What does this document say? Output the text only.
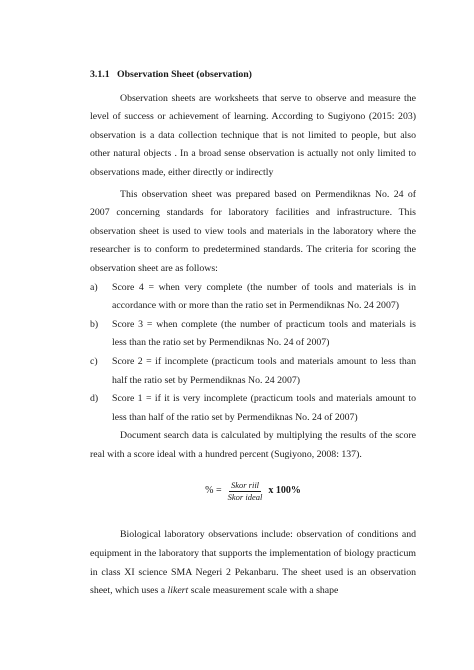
3.1.1 Observation Sheet (observation)

Observation sheets are worksheets that serve to observe and measure the level of success or achievement of learning. According to Sugiyono (2015: 203) observation is a data collection technique that is not limited to people, but also other natural objects . In a broad sense observation is actually not only limited to observations made, either directly or indirectly

This observation sheet was prepared based on Permendiknas No. 24 of 2007 concerning standards for laboratory facilities and infrastructure. This observation sheet is used to view tools and materials in the laboratory where the researcher is to conform to predetermined standards. The criteria for scoring the observation sheet are as follows:

a) Score 4 = when very complete (the number of tools and materials is in accordance with or more than the ratio set in Permendiknas No. 24 2007)
b) Score 3 = when complete (the number of practicum tools and materials is less than the ratio set by Permendiknas No. 24 of 2007)
c) Score 2 = if incomplete (practicum tools and materials amount to less than half the ratio set by Permendiknas No. 24 2007)
d) Score 1 = if it is very incomplete (practicum tools and materials amount to less than half of the ratio set by Permendiknas No. 24 of 2007)

Document search data is calculated by multiplying the results of the score real with a score ideal with a hundred percent (Sugiyono, 2008: 137).

% = $\frac{\text{Skor riil}}{\text{Skor ideal}}$ x 100%

Biological laboratory observations include: observation of conditions and equipment in the laboratory that supports the implementation of biology practicum in class XI science SMA Negeri 2 Pekanbaru. The sheet used is an observation sheet, which uses a likert scale measurement scale with a shape
